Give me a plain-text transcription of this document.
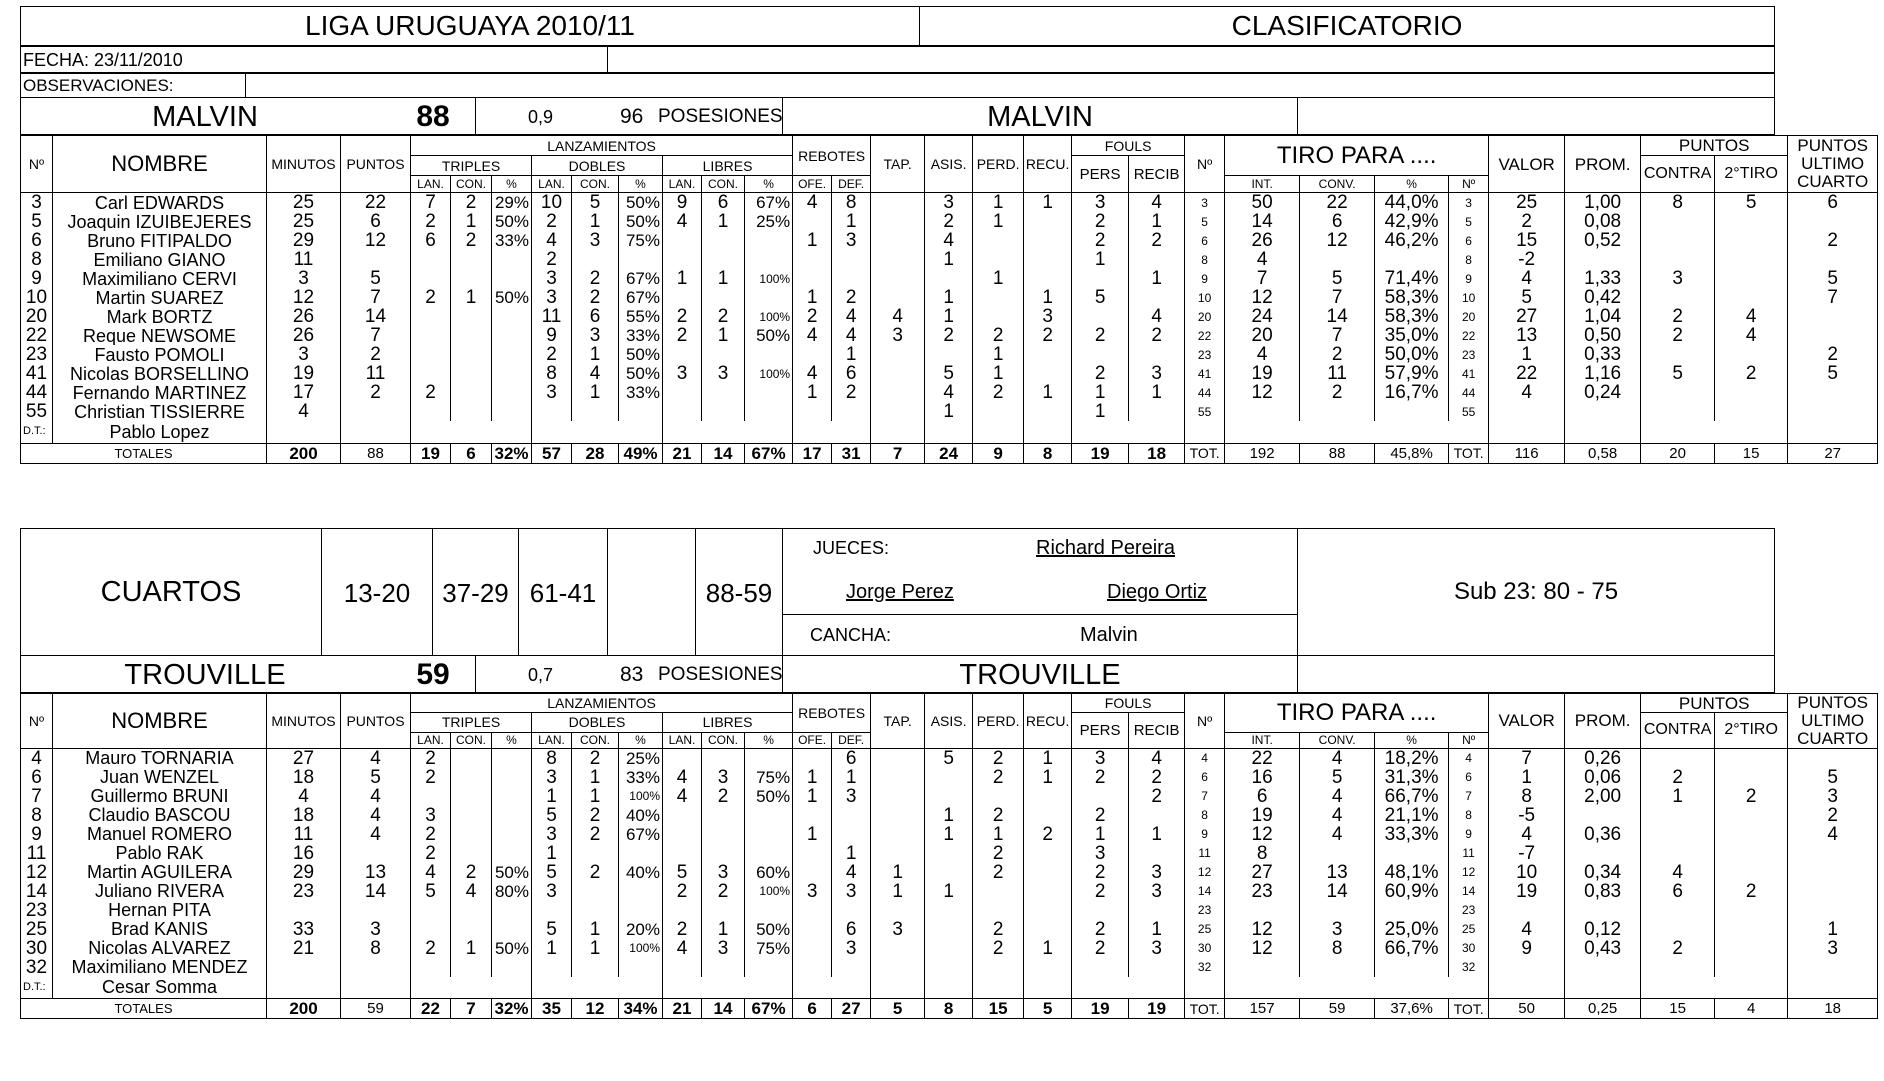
LIGA URUGUAYA 2010/11	CLASIFICATORIO
FECHA: 23/11/2010
OBSERVACIONES:
MALVIN	88	0,9	96 POSESIONES	MALVIN
Nº	NOMBRE	MINUTOS	PUNTOS	LANZAMIENTOS									REBOTES		TAP.	ASIS.	PERD.	RECU.	FOULS		Nº	TIRO PARA ....				VALOR	PROM.	PUNTOS		PUNTOS
ULTIMO
CUARTO
				TRIPLES			DOBLES			LIBRES									PERS	RECIB								CONTRA	2°TIRO	
				LAN.	CON.	%	LAN.	CON.	%	LAN.	CON.	%	OFE.	DEF.								INT.	CONV.	%	Nº					
3	Carl EDWARDS	25	22	7	2	29%	10	5	50%	9	6	67%	4	8		3	1	1	3	4	3	50	22	44,0%	3	25	1,00	8	5	6
5	Joaquin IZUIBEJERES	25	6	2	1	50%	2	1	50%	4	1	25%		1		2	1		2	1	5	14	6	42,9%	5	2	0,08			
6	Bruno FITIPALDO	29	12	6	2	33%	4	3	75%				1	3		4			2	2	6	26	12	46,2%	6	15	0,52			2
8	Emiliano GIANO	11					2									1			1		8	4			8	-2				
9	Maximiliano CERVI	3	5				3	2	67%	1	1	100%					1			1	9	7	5	71,4%	9	4	1,33	3		5
10	Martin SUAREZ	12	7	2	1	50%	3	2	67%				1	2		1		1	5		10	12	7	58,3%	10	5	0,42			7
20	Mark BORTZ	26	14				11	6	55%	2	2	100%	2	4	4	1		3		4	20	24	14	58,3%	20	27	1,04	2	4	
22	Reque NEWSOME	26	7				9	3	33%	2	1	50%	4	4	3	2	2	2	2	2	22	20	7	35,0%	22	13	0,50	2	4	
23	Fausto POMOLI	3	2				2	1	50%					1			1				23	4	2	50,0%	23	1	0,33			2
41	Nicolas BORSELLINO	19	11				8	4	50%	3	3	100%	4	6		5	1		2	3	41	19	11	57,9%	41	22	1,16	5	2	5
44	Fernando MARTINEZ	17	2	2			3	1	33%				1	2		4	2	1	1	1	44	12	2	16,7%	44	4	0,24			
55	Christian TISSIERRE	4														1			1		55				55					
D.T.:	Pablo Lopez																													
TOTALES		200	88	19	6	32%	57	28	49%	21	14	67%	17	31	7	24	9	8	19	18	TOT.	192	88	45,8%	TOT.	116	0,58	20	15	27
CUARTOS	13-20	37-29 61-41	88-59
JUECES:	Richard Pereira
Jorge Perez	Diego Ortiz
CANCHA:	Malvin
Sub 23: 80 - 75
TROUVILLE	59	0,7	83 POSESIONES	TROUVILLE
Nº	NOMBRE	MINUTOS	PUNTOS	LANZAMIENTOS									REBOTES		TAP.	ASIS.	PERD.	RECU.	FOULS		Nº	TIRO PARA ....				VALOR	PROM.	PUNTOS		PUNTOS
ULTIMO
CUARTO
				TRIPLES			DOBLES			LIBRES									PERS	RECIB								CONTRA	2°TIRO	
				LAN.	CON.	%	LAN.	CON.	%	LAN.	CON.	%	OFE.	DEF.								INT.	CONV.	%	Nº					
4	Mauro TORNARIA	27	4	2			8	2	25%					6		5	2	1	3	4	4	22	4	18,2%	4	7	0,26			
6	Juan WENZEL	18	5	2			3	1	33%	4	3	75%	1	1			2	1	2	2	6	16	5	31,3%	6	1	0,06	2		5
7	Guillermo BRUNI	4	4				1	1	100%	4	2	50%	1	3						2	7	6	4	66,7%	7	8	2,00	1	2	3
8	Claudio BASCOU	18	4	3			5	2	40%							1	2		2		8	19	4	21,1%	8	-5				2
9	Manuel ROMERO	11	4	2			3	2	67%				1			1	1	2	1	1	9	12	4	33,3%	9	4	0,36			4
11	Pablo RAK	16		2			1							1			2		3		11	8			11	-7				
12	Martin AGUILERA	29	13	4	2	50%	5	2	40%	5	3	60%		4	1		2		2	3	12	27	13	48,1%	12	10	0,34	4		
14	Juliano RIVERA	23	14	5	4	80%	3			2	2	100%	3	3	1	1			2	3	14	23	14	60,9%	14	19	0,83	6	2	
23	Hernan PITA																				23				23					
25	Brad KANIS	33	3				5	1	20%	2	1	50%		6	3		2		2	1	25	12	3	25,0%	25	4	0,12			1
30	Nicolas ALVAREZ	21	8	2	1	50%	1	1	100%	4	3	75%		3			2	1	2	3	30	12	8	66,7%	30	9	0,43	2		3
32	Maximiliano MENDEZ																				32				32					
D.T.:	Cesar Somma																													
TOTALES		200	59	22	7	32%	35	12	34%	21	14	67%	6	27	5	8	15	5	19	19	TOT.	157	59	37,6%	TOT.	50	0,25	15	4	18
